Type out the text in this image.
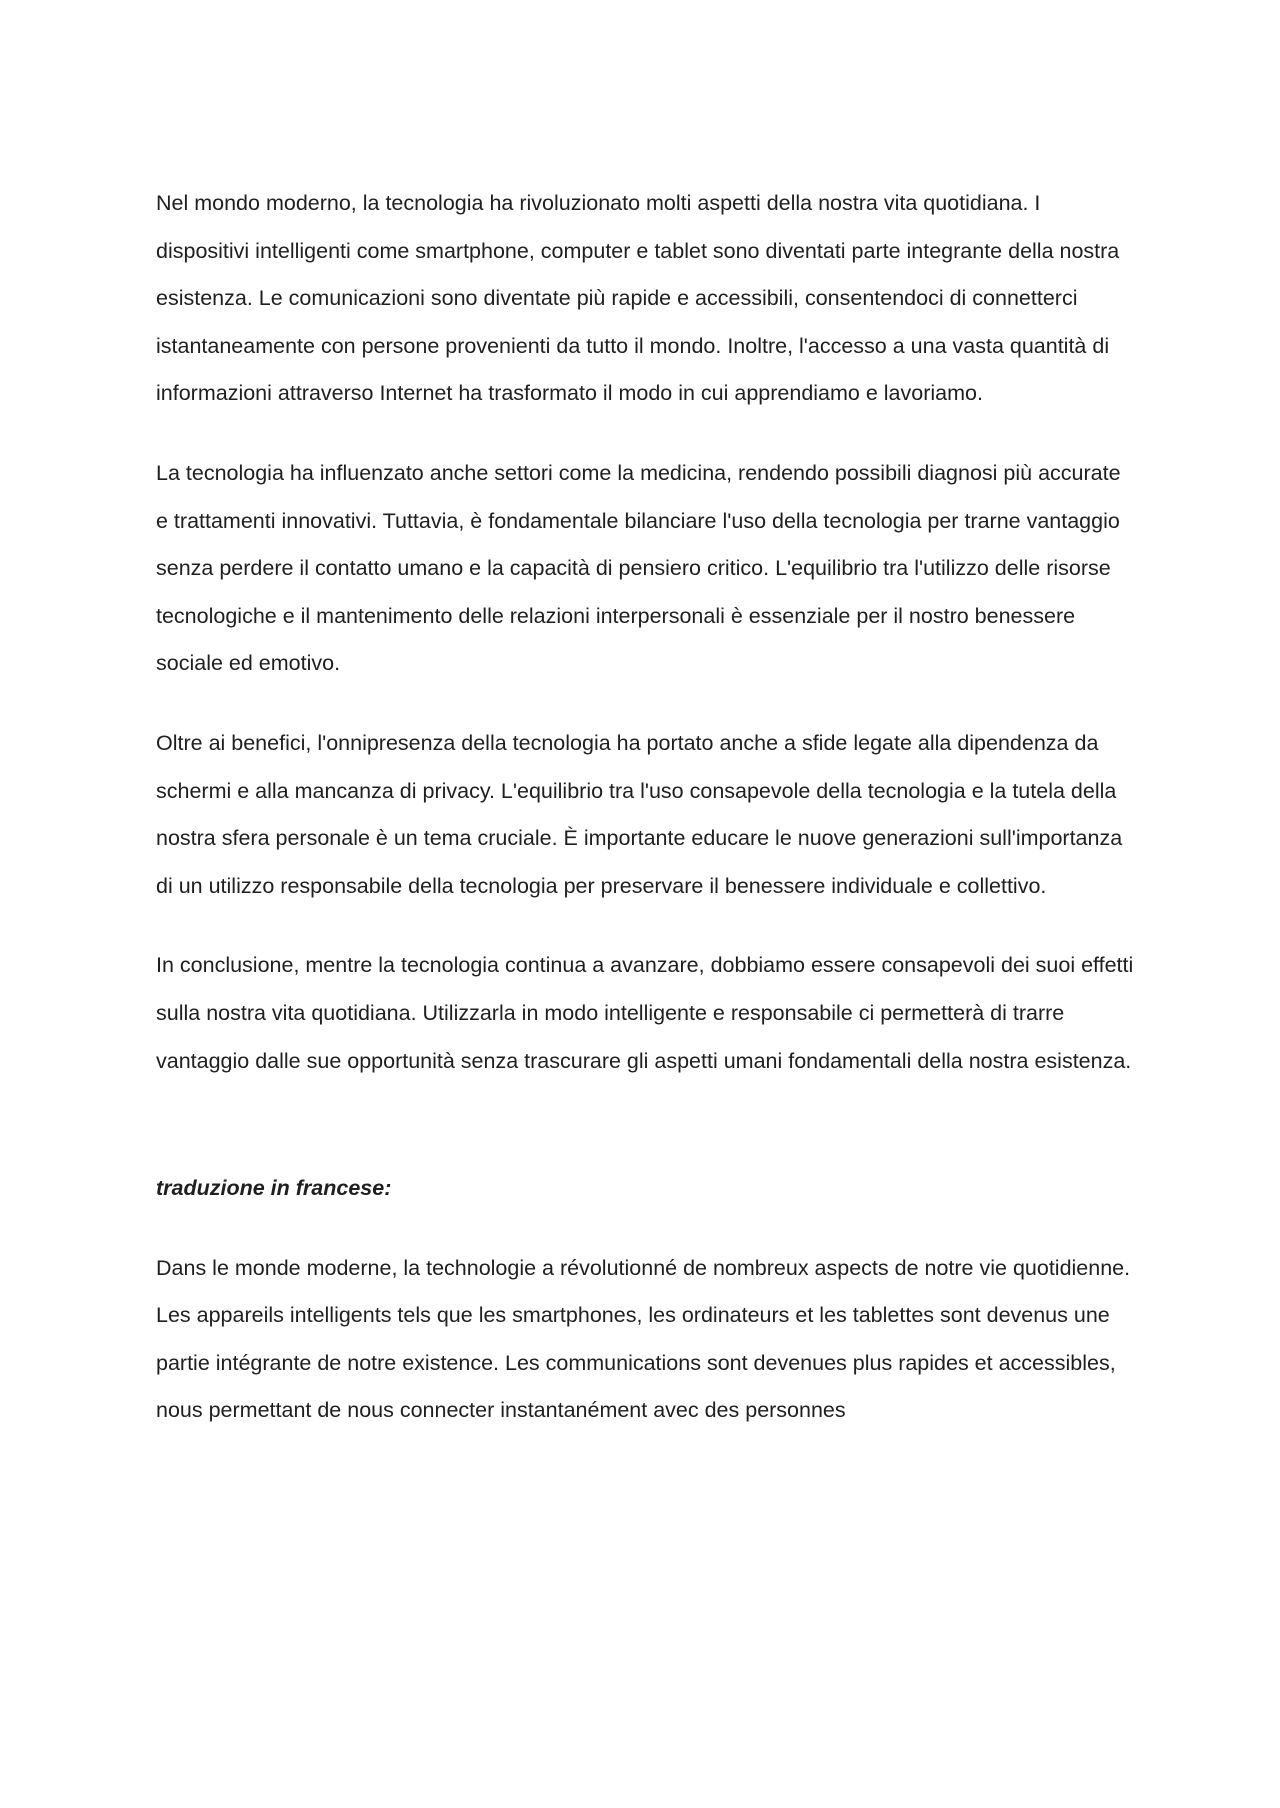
Nel mondo moderno, la tecnologia ha rivoluzionato molti aspetti della nostra vita quotidiana. I dispositivi intelligenti come smartphone, computer e tablet sono diventati parte integrante della nostra esistenza. Le comunicazioni sono diventate più rapide e accessibili, consentendoci di connetterci istantaneamente con persone provenienti da tutto il mondo. Inoltre, l'accesso a una vasta quantità di informazioni attraverso Internet ha trasformato il modo in cui apprendiamo e lavoriamo.

La tecnologia ha influenzato anche settori come la medicina, rendendo possibili diagnosi più accurate e trattamenti innovativi. Tuttavia, è fondamentale bilanciare l'uso della tecnologia per trarne vantaggio senza perdere il contatto umano e la capacità di pensiero critico. L'equilibrio tra l'utilizzo delle risorse tecnologiche e il mantenimento delle relazioni interpersonali è essenziale per il nostro benessere sociale ed emotivo.

Oltre ai benefici, l'onnipresenza della tecnologia ha portato anche a sfide legate alla dipendenza da schermi e alla mancanza di privacy. L'equilibrio tra l'uso consapevole della tecnologia e la tutela della nostra sfera personale è un tema cruciale. È importante educare le nuove generazioni sull'importanza di un utilizzo responsabile della tecnologia per preservare il benessere individuale e collettivo.

In conclusione, mentre la tecnologia continua a avanzare, dobbiamo essere consapevoli dei suoi effetti sulla nostra vita quotidiana. Utilizzarla in modo intelligente e responsabile ci permetterà di trarre vantaggio dalle sue opportunità senza trascurare gli aspetti umani fondamentali della nostra esistenza.

traduzione in francese:

Dans le monde moderne, la technologie a révolutionné de nombreux aspects de notre vie quotidienne. Les appareils intelligents tels que les smartphones, les ordinateurs et les tablettes sont devenus une partie intégrante de notre existence. Les communications sont devenues plus rapides et accessibles, nous permettant de nous connecter instantanément avec des personnes
